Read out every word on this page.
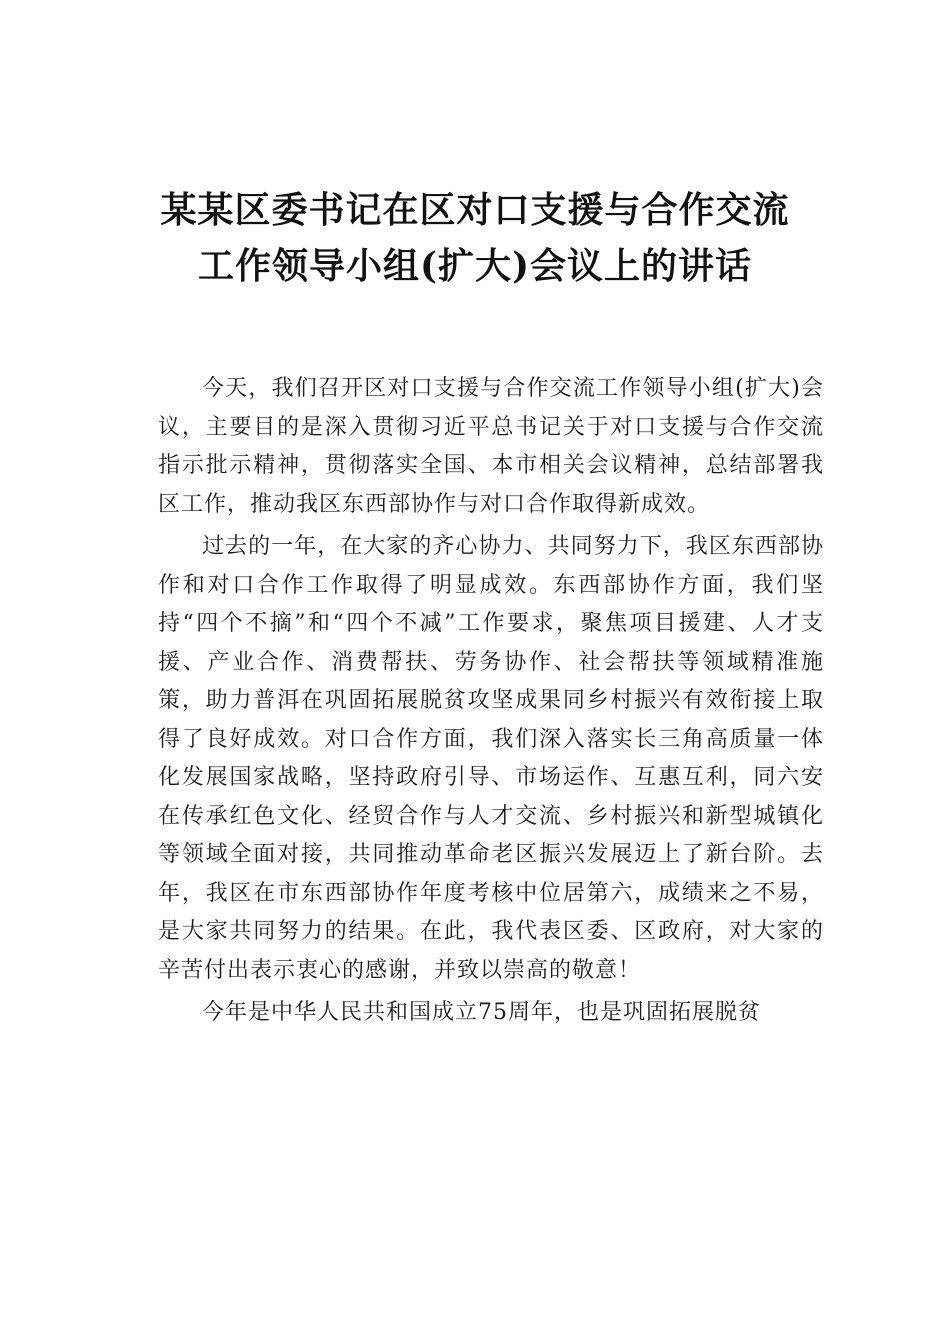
某某区委书记在区对口支援与合作交流
工作领导小组(扩大)会议上的讲话

今天，我们召开区对口支援与合作交流工作领导小组(扩大)会议，主要目的是深入贯彻习近平总书记关于对口支援与合作交流指示批示精神，贯彻落实全国、本市相关会议精神，总结部署我区工作，推动我区东西部协作与对口合作取得新成效。

过去的一年，在大家的齐心协力、共同努力下，我区东西部协作和对口合作工作取得了明显成效。东西部协作方面，我们坚持“四个不摘”和“四个不减”工作要求，聚焦项目援建、人才支援、产业合作、消费帮扶、劳务协作、社会帮扶等领域精准施策，助力普洱在巩固拓展脱贫攻坚成果同乡村振兴有效衔接上取得了良好成效。对口合作方面，我们深入落实长三角高质量一体化发展国家战略，坚持政府引导、市场运作、互惠互利，同六安在传承红色文化、经贸合作与人才交流、乡村振兴和新型城镇化等领域全面对接，共同推动革命老区振兴发展迈上了新台阶。去年，我区在市东西部协作年度考核中位居第六，成绩来之不易，是大家共同努力的结果。在此，我代表区委、区政府，对大家的辛苦付出表示衷心的感谢，并致以崇高的敬意！

今年是中华人民共和国成立75周年，也是巩固拓展脱贫
